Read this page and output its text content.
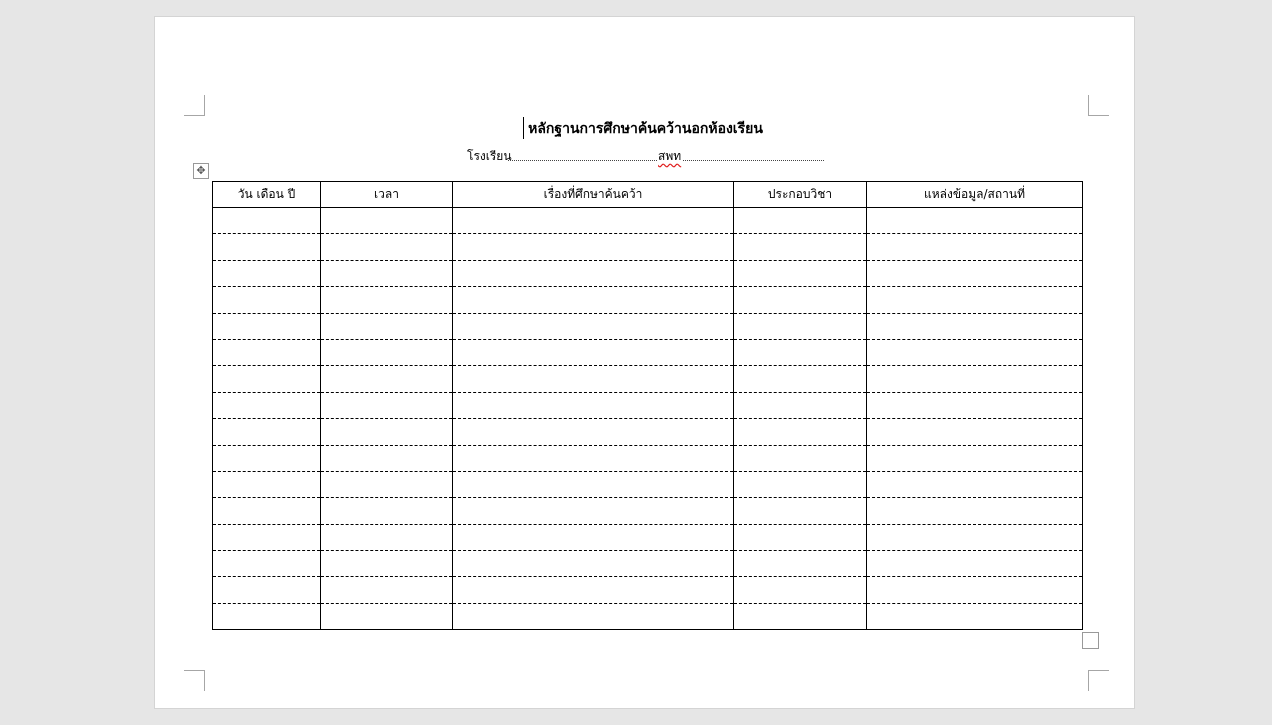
หลักฐานการศึกษาค้นคว้านอกห้องเรียน
โรงเรียน	สพท
✥
วัน เดือน ปี	เวลา	เรื่องที่ศึกษาค้นคว้า	ประกอบวิชา	แหล่งข้อมูล/สถานที่
